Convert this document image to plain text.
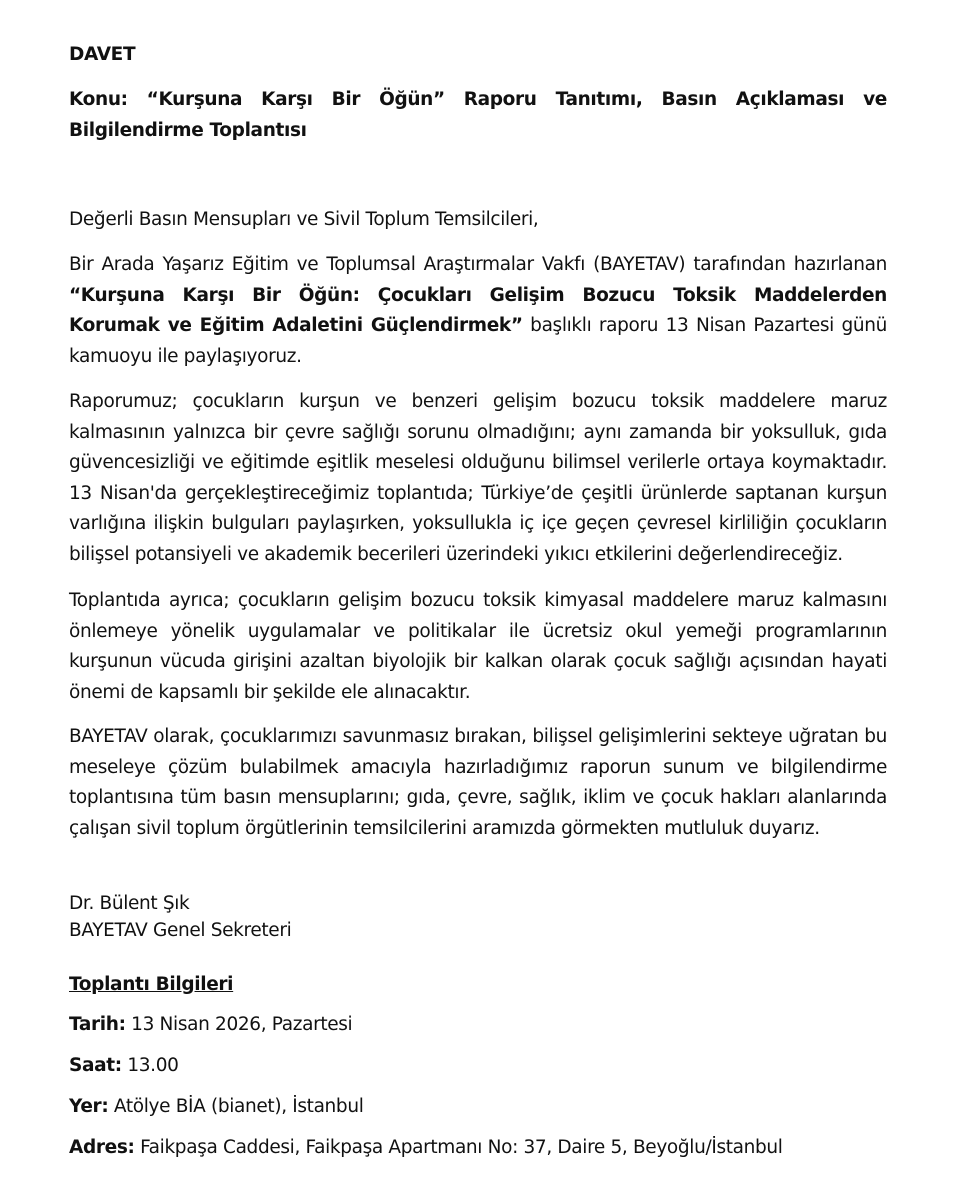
DAVET

Konu: “Kurşuna Karşı Bir Öğün” Raporu Tanıtımı, Basın Açıklaması ve Bilgilendirme Toplantısı

Değerli Basın Mensupları ve Sivil Toplum Temsilcileri,

Bir Arada Yaşarız Eğitim ve Toplumsal Araştırmalar Vakfı (BAYETAV) tarafından hazırlanan “Kurşuna Karşı Bir Öğün: Çocukları Gelişim Bozucu Toksik Maddelerden Korumak ve Eğitim Adaletini Güçlendirmek” başlıklı raporu 13 Nisan Pazartesi günü kamuoyu ile paylaşıyoruz.

Raporumuz; çocukların kurşun ve benzeri gelişim bozucu toksik maddelere maruz kalmasının yalnızca bir çevre sağlığı sorunu olmadığını; aynı zamanda bir yoksulluk, gıda güvencesizliği ve eğitimde eşitlik meselesi olduğunu bilimsel verilerle ortaya koymaktadır. 13 Nisan'da gerçekleştireceğimiz toplantıda; Türkiye’de çeşitli ürünlerde saptanan kurşun varlığına ilişkin bulguları paylaşırken, yoksullukla iç içe geçen çevresel kirliliğin çocukların bilişsel potansiyeli ve akademik becerileri üzerindeki yıkıcı etkilerini değerlendireceğiz.

Toplantıda ayrıca; çocukların gelişim bozucu toksik kimyasal maddelere maruz kalmasını önlemeye yönelik uygulamalar ve politikalar ile ücretsiz okul yemeği programlarının kurşunun vücuda girişini azaltan biyolojik bir kalkan olarak çocuk sağlığı açısından hayati önemi de kapsamlı bir şekilde ele alınacaktır.

BAYETAV olarak, çocuklarımızı savunmasız bırakan, bilişsel gelişimlerini sekteye uğratan bu meseleye çözüm bulabilmek amacıyla hazırladığımız raporun sunum ve bilgilendirme toplantısına tüm basın mensuplarını; gıda, çevre, sağlık, iklim ve çocuk hakları alanlarında çalışan sivil toplum örgütlerinin temsilcilerini aramızda görmekten mutluluk duyarız.

Dr. Bülent Şık
BAYETAV Genel Sekreteri

Toplantı Bilgileri

Tarih: 13 Nisan 2026, Pazartesi

Saat: 13.00

Yer: Atölye BİA (bianet), İstanbul

Adres: Faikpaşa Caddesi, Faikpaşa Apartmanı No: 37, Daire 5, Beyoğlu/İstanbul
